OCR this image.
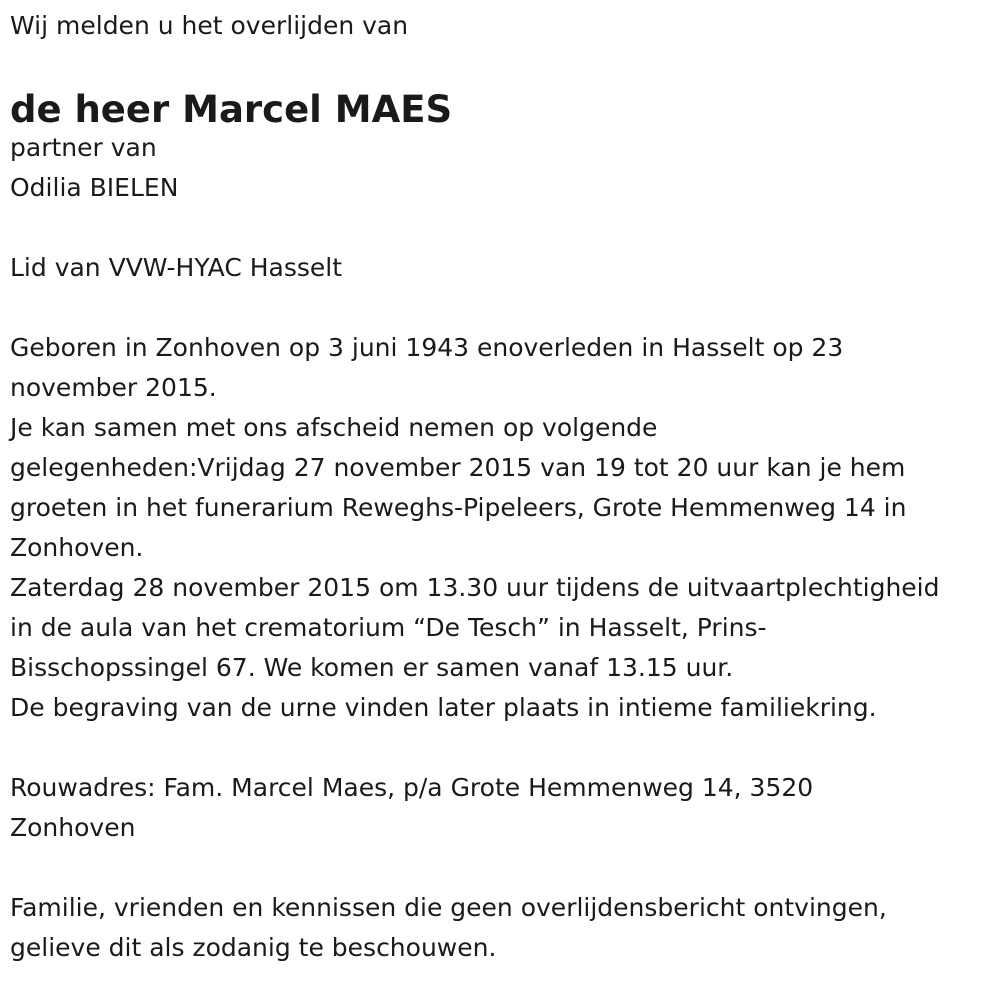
Wij melden u het overlijden van

de heer Marcel MAES

partner van

Odilia BIELEN

Lid van VVW-HYAC Hasselt

Geboren in Zonhoven op 3 juni 1943 enoverleden in Hasselt op 23

november 2015.

Je kan samen met ons afscheid nemen op volgende

gelegenheden:Vrijdag 27 november 2015 van 19 tot 20 uur kan je hem

groeten in het funerarium Reweghs-Pipeleers, Grote Hemmenweg 14 in

Zonhoven.

Zaterdag 28 november 2015 om 13.30 uur tijdens de uitvaartplechtigheid

in de aula van het crematorium “De Tesch” in Hasselt, Prins-

Bisschopssingel 67. We komen er samen vanaf 13.15 uur.

De begraving van de urne vinden later plaats in intieme familiekring.

Rouwadres: Fam. Marcel Maes, p/a Grote Hemmenweg 14, 3520

Zonhoven

Familie, vrienden en kennissen die geen overlijdensbericht ontvingen,

gelieve dit als zodanig te beschouwen.
